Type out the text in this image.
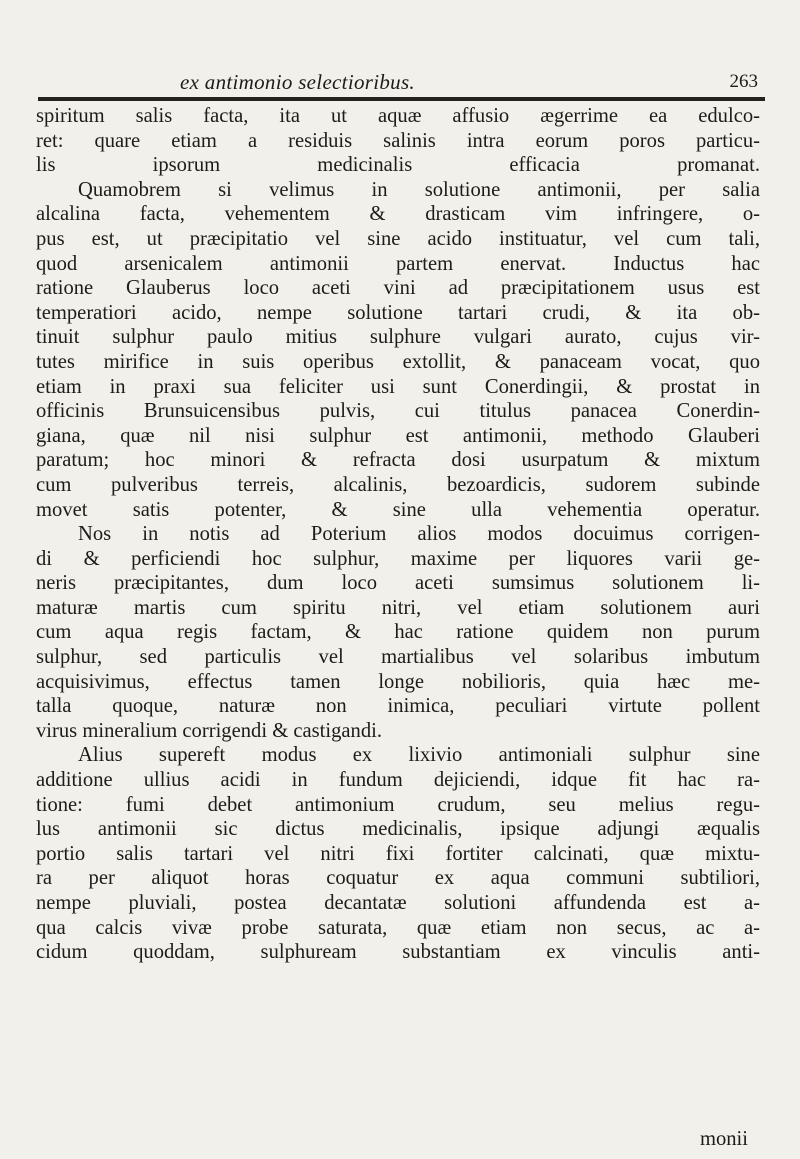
ex antimonio selectioribus.	263
spiritum salis facta, ita ut aquæ affusio ægerrime ea edulco-
ret: quare etiam a residuis salinis intra eorum poros particu-
lis ipsorum medicinalis efficacia promanat.
Quamobrem si velimus in solutione antimonii, per salia
alcalina facta, vehementem & drasticam vim infringere, o-
pus est, ut præcipitatio vel sine acido instituatur, vel cum tali,
quod arsenicalem antimonii partem enervat. Inductus hac
ratione Glauberus loco aceti vini ad præcipitationem usus est
temperatiori acido, nempe solutione tartari crudi, & ita ob-
tinuit sulphur paulo mitius sulphure vulgari aurato, cujus vir-
tutes mirifice in suis operibus extollit, & panaceam vocat, quo
etiam in praxi sua feliciter usi sunt Conerdingii, & prostat in
officinis Brunsuicensibus pulvis, cui titulus panacea Conerdin-
giana, quæ nil nisi sulphur est antimonii, methodo Glauberi
paratum; hoc minori & refracta dosi usurpatum & mixtum
cum pulveribus terreis, alcalinis, bezoardicis, sudorem subinde
movet satis potenter, & sine ulla vehementia operatur.
Nos in notis ad Poterium alios modos docuimus corrigen-
di & perficiendi hoc sulphur, maxime per liquores varii ge-
neris præcipitantes, dum loco aceti sumsimus solutionem li-
maturæ martis cum spiritu nitri, vel etiam solutionem auri
cum aqua regis factam, & hac ratione quidem non purum
sulphur, sed particulis vel martialibus vel solaribus imbutum
acquisivimus, effectus tamen longe nobilioris, quia hæc me-
talla quoque, naturæ non inimica, peculiari virtute pollent
virus mineralium corrigendi & castigandi.
Alius supereft modus ex lixivio antimoniali sulphur sine
additione ullius acidi in fundum dejiciendi, idque fit hac ra-
tione: fumi debet antimonium crudum, seu melius regu-
lus antimonii sic dictus medicinalis, ipsique adjungi æqualis
portio salis tartari vel nitri fixi fortiter calcinati, quæ mixtu-
ra per aliquot horas coquatur ex aqua communi subtiliori,
nempe pluviali, postea decantatæ solutioni affundenda est a-
qua calcis vivæ probe saturata, quæ etiam non secus, ac a-
cidum quoddam, sulphuream substantiam ex vinculis anti-
monii
